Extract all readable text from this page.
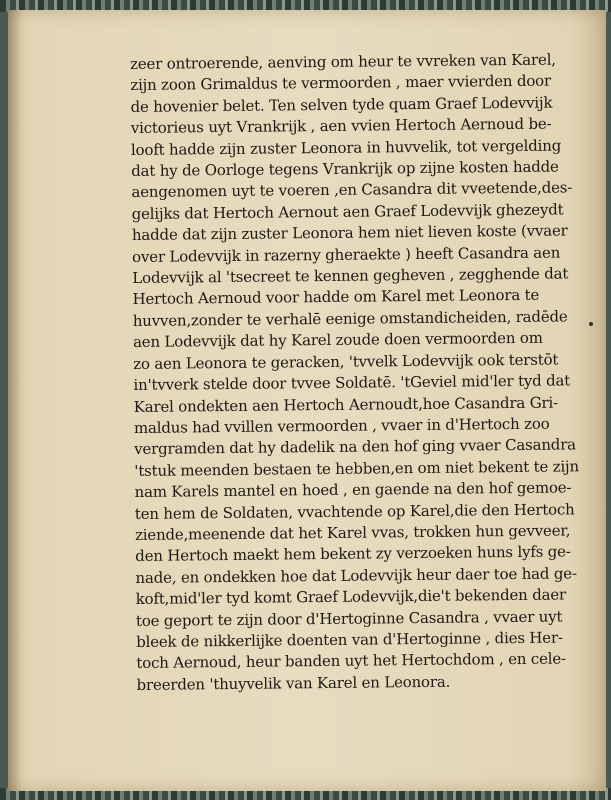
zeer ontroerende, aenving om heur te vvreken van Karel,
zijn zoon Grimaldus te vermoorden , maer vvierden door
de hovenier belet. Ten selven tyde quam Graef Lodevvijk
victorieus uyt Vrankrijk , aen vvien Hertoch Aernoud be-
looft hadde zijn zuster Leonora in huvvelik, tot vergelding
dat hy de Oorloge tegens Vrankrijk op zijne kosten hadde
aengenomen uyt te voeren ,en Casandra dit vveetende,des-
gelijks dat Hertoch Aernout aen Graef Lodevvijk ghezeydt
hadde dat zijn zuster Leonora hem niet lieven koste (vvaer
over Lodevvijk in razerny gheraekte ) heeft Casandra aen
Lodevvijk al 'tsecreet te kennen gegheven , zegghende dat
Hertoch Aernoud voor hadde om Karel met Leonora te
huvven,zonder te verhalē eenige omstandicheiden, radēde
aen Lodevvijk dat hy Karel zoude doen vermoorden om
zo aen Leonora te geracken, 'tvvelk Lodevvijk ook terstōt
in'tvverk stelde door tvvee Soldatē. 'tGeviel mid'ler tyd dat
Karel ondekten aen Hertoch Aernoudt,hoe Casandra Gri-
maldus had vvillen vermoorden , vvaer in d'Hertoch zoo
vergramden dat hy dadelik na den hof ging vvaer Casandra
'tstuk meenden bestaen te hebben,en om niet bekent te zijn
nam Karels mantel en hoed , en gaende na den hof gemoe-
ten hem de Soldaten, vvachtende op Karel,die den Hertoch
ziende,meenende dat het Karel vvas, trokken hun gevveer,
den Hertoch maekt hem bekent zy verzoeken huns lyfs ge-
nade, en ondekken hoe dat Lodevvijk heur daer toe had ge-
koft,mid'ler tyd komt Graef Lodevvijk,die't bekenden daer
toe geport te zijn door d'Hertoginne Casandra , vvaer uyt
bleek de nikkerlijke doenten van d'Hertoginne , dies Her-
toch Aernoud, heur banden uyt het Hertochdom , en cele-
breerden 'thuyvelik van Karel en Leonora.
